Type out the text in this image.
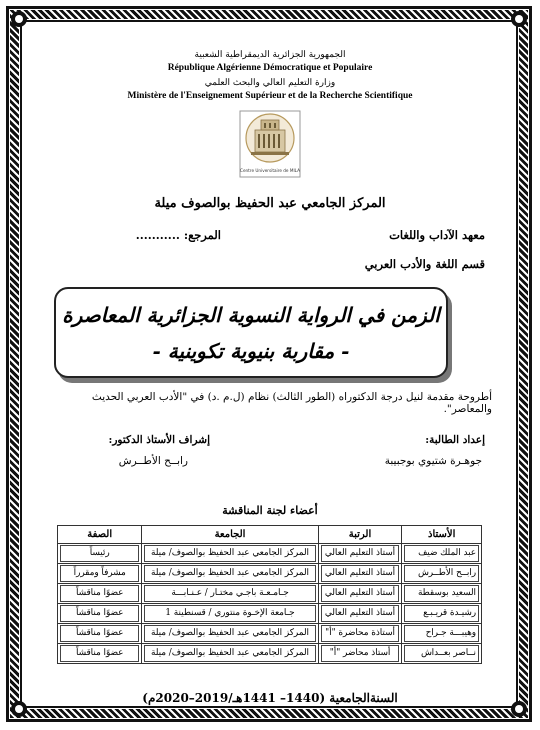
الجمهورية الجزائرية الديمقراطية الشعبية
République Algérienne Démocratique et Populaire
وزارة التعليم العالي والبحث العلمي
Ministère de l'Enseignement Supérieur et de la Recherche Scientifique
Centre Universitaire de MILA
المركز الجامعي عبد الحفيظ بوالصوف ميلة
معهد الآداب واللغات
المرجع: ...........
قسم اللغة والأدب العربي
الزمن في الرواية النسوية الجزائرية المعاصرة
- مقاربة بنيوية تكوينية -
أطروحة مقدمة لنيل درجة الدكتوراه (الطور الثالث) نظام (ل.م .د) في "الأدب العربي الحديث والمعاصر".
إعداد الطالبة:
جوهـرة شتيوي بوجبيبة
إشراف الأستاذ الدكتور:
رابــح الأطــرش
أعضاء لجنة المناقشة
الأستاذ	الرتبة	الجامعة	الصفة

عبد الملك ضيف	أستاذ التعليم العالي	المركز الجامعي عبد الحفيظ بوالصوف/ ميلة	رئيساً

رابــح الأطــرش	أستاذ التعليم العالي	المركز الجامعي عبد الحفيظ بوالصوف/ ميلة	مشرفاً ومقرراً

السعيد بوسقطة	أستاذ التعليم العالي	جـامـعـة باجـي مختـار / عـنـابـــة	عضوًا مناقشاً

رشيـدة قريـبـع	أستاذ التعليم العالي	جـامعة الإخـوة منتوري / قسنطينة 1	عضوًا مناقشاً

وهيبـــة جـراح	أستاذة محاضرة "أ"	المركز الجامعي عبد الحفيظ بوالصوف/ ميلة	عضوًا مناقشاً

نــاصر بعــداش	أستاذ محاضر "أ"	المركز الجامعي عبد الحفيظ بوالصوف/ ميلة	عضوًا مناقشاً
السنةالجامعية (1440– 1441هـ/2019–2020م)
